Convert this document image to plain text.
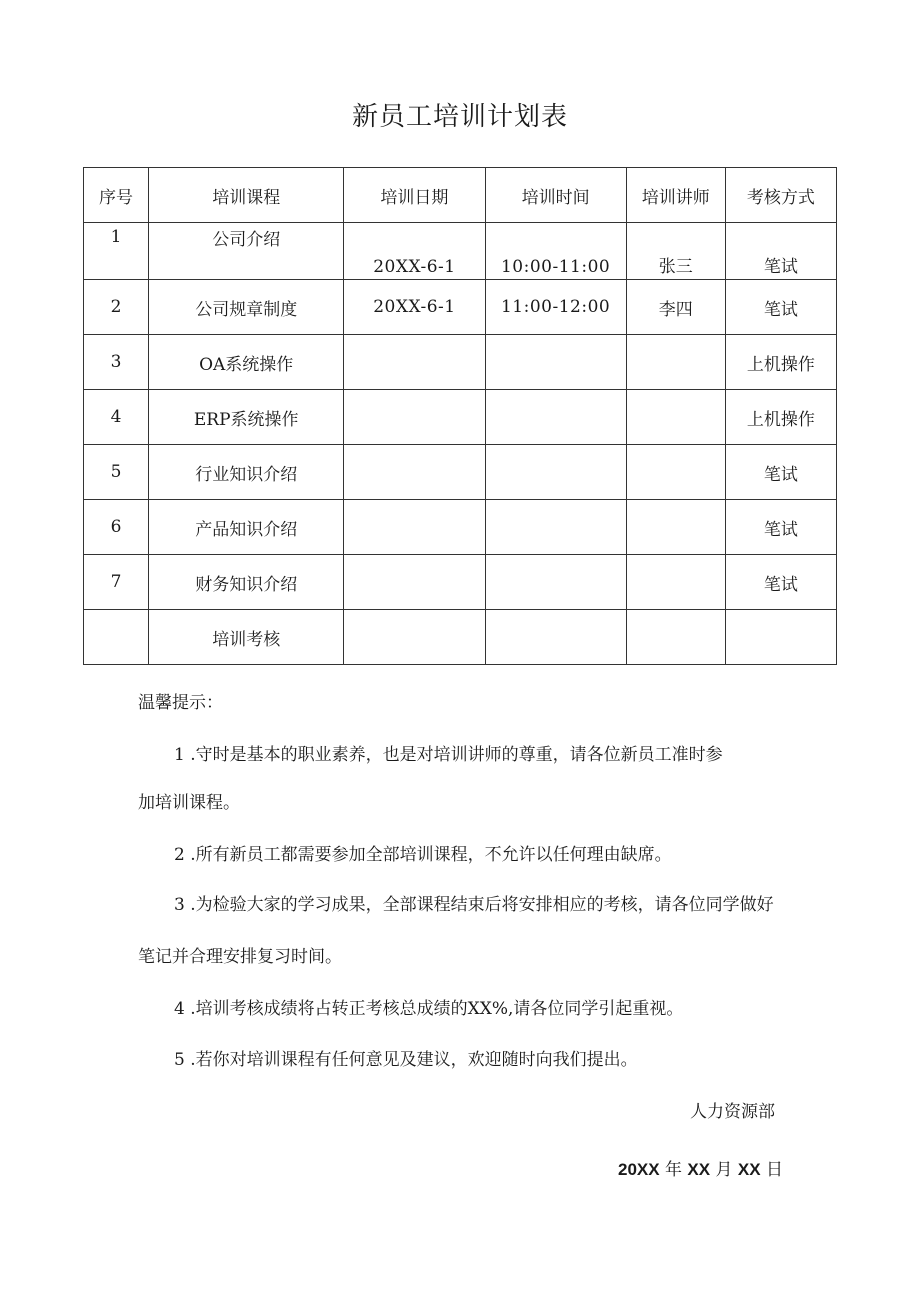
新员工培训计划表
序号	培训课程	培训日期	培训时间	培训讲师	考核方式
1	公司介绍	20XX-6-1	10:00-11:00	张三	笔试
2	公司规章制度	20XX-6-1	11:00-12:00	李四	笔试
3	OA系统操作				上机操作
4	ERP系统操作				上机操作
5	行业知识介绍				笔试
6	产品知识介绍				笔试
7	财务知识介绍				笔试
	培训考核				
温馨提示：
1 .守时是基本的职业素养，也是对培训讲师的尊重，请各位新员工准时参
加培训课程。
2 .所有新员工都需要参加全部培训课程，不允许以任何理由缺席。
3 .为检验大家的学习成果，全部课程结束后将安排相应的考核，请各位同学做好
笔记并合理安排复习时间。
4 .培训考核成绩将占转正考核总成绩的XX%,请各位同学引起重视。
5 .若你对培训课程有任何意见及建议，欢迎随时向我们提出。
人力资源部
20XX 年 XX 月 XX 日
